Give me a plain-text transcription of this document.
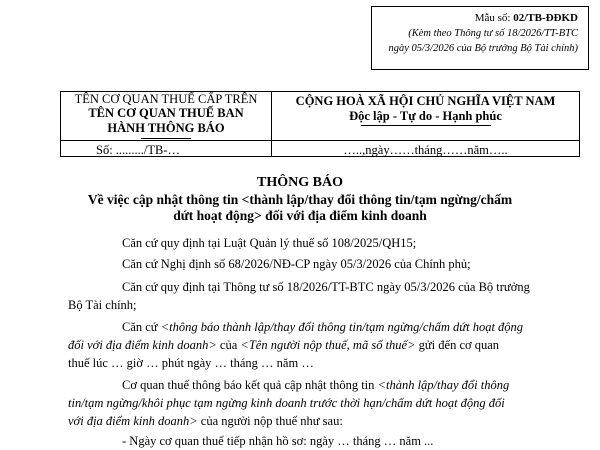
Mẫu số: 02/TB-ĐĐKD
(Kèm theo Thông tư số 18/2026/TT-BTC
ngày 05/3/2026 của Bộ trưởng Bộ Tài chính)
TÊN CƠ QUAN THUẾ CẤP TRÊN
TÊN CƠ QUAN THUẾ BAN
HÀNH THÔNG BÁO
CỘNG HOÀ XÃ HỘI CHỦ NGHĨA VIỆT NAM
Độc lập - Tự do - Hạnh phúc
Số: ........./TB-…	…..,ngày……tháng……năm…..
THÔNG BÁO
Về việc cập nhật thông tin <thành lập/thay đổi thông tin/tạm ngừng/chấm
dứt hoạt động> đối với địa điểm kinh doanh
Căn cứ quy định tại Luật Quản lý thuế số 108/2025/QH15;
Căn cứ Nghị định số 68/2026/NĐ-CP ngày 05/3/2026 của Chính phủ;
Căn cứ quy định tại Thông tư số 18/2026/TT-BTC ngày 05/3/2026 của Bộ trưởng
Bộ Tài chính;
Căn cứ <thông báo thành lập/thay đổi thông tin/tạm ngừng/chấm dứt hoạt động
đối với địa điểm kinh doanh> của <Tên người nộp thuế, mã số thuế> gửi đến cơ quan
thuế lúc … giờ … phút ngày … tháng … năm …
Cơ quan thuế thông báo kết quả cập nhật thông tin <thành lập/thay đổi thông
tin/tạm ngừng/khôi phục tạm ngừng kinh doanh trước thời hạn/chấm dứt hoạt động đối
với địa điểm kinh doanh> của người nộp thuế như sau:
- Ngày cơ quan thuế tiếp nhận hồ sơ: ngày … tháng … năm ...
